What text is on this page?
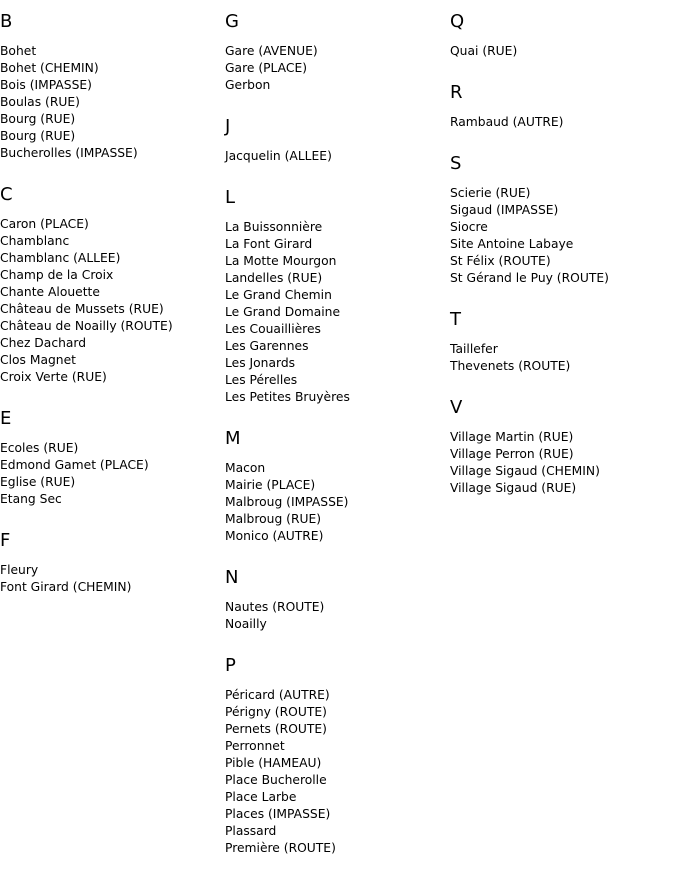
B
Bohet
Bohet (CHEMIN)
Bois (IMPASSE)
Boulas (RUE)
Bourg (RUE)
Bourg (RUE)
Bucherolles (IMPASSE)
C
Caron (PLACE)
Chamblanc
Chamblanc (ALLEE)
Champ de la Croix
Chante Alouette
Château de Mussets (RUE)
Château de Noailly (ROUTE)
Chez Dachard
Clos Magnet
Croix Verte (RUE)
E
Ecoles (RUE)
Edmond Gamet (PLACE)
Eglise (RUE)
Etang Sec
F
Fleury
Font Girard (CHEMIN)
G
Gare (AVENUE)
Gare (PLACE)
Gerbon
J
Jacquelin (ALLEE)
L
La Buissonnière
La Font Girard
La Motte Mourgon
Landelles (RUE)
Le Grand Chemin
Le Grand Domaine
Les Couaillières
Les Garennes
Les Jonards
Les Pérelles
Les Petites Bruyères
M
Macon
Mairie (PLACE)
Malbroug (IMPASSE)
Malbroug (RUE)
Monico (AUTRE)
N
Nautes (ROUTE)
Noailly
P
Péricard (AUTRE)
Périgny (ROUTE)
Pernets (ROUTE)
Perronnet
Pible (HAMEAU)
Place Bucherolle
Place Larbe
Places (IMPASSE)
Plassard
Première (ROUTE)
Q
Quai (RUE)
R
Rambaud (AUTRE)
S
Scierie (RUE)
Sigaud (IMPASSE)
Siocre
Site Antoine Labaye
St Félix (ROUTE)
St Gérand le Puy (ROUTE)
T
Taillefer
Thevenets (ROUTE)
V
Village Martin (RUE)
Village Perron (RUE)
Village Sigaud (CHEMIN)
Village Sigaud (RUE)
